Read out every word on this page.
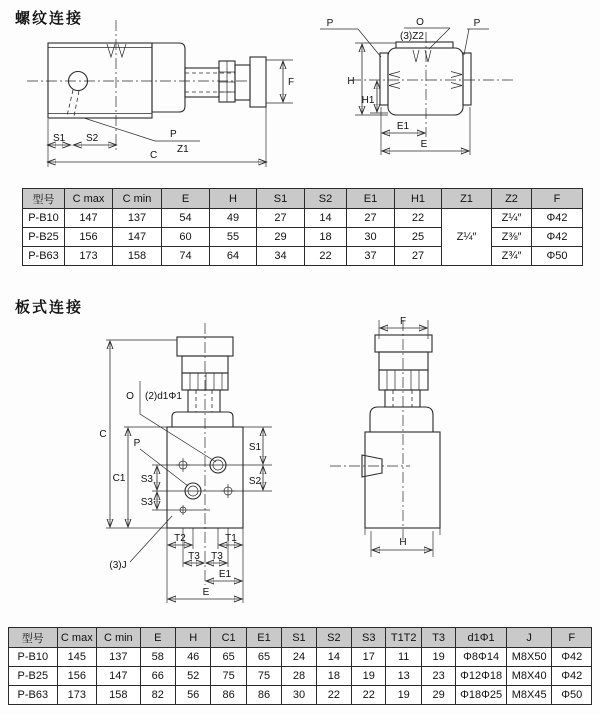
螺纹连接
F
S1 S2
C
P
Z1
P	O
(3)Z2
P
H
H1
E1
E
型号	C max	C min	E	H	S1	S2	E1	H1	Z1	Z2	F
P-B10	147	137	54	49	27	14	27	22	Z¼″	Z¼″	Φ42
P-B25	156	147	60	55	29	18	30	25		Z⅜″	Φ42
P-B63	173	158	74	64	34	22	37	27		Z¾″	Φ50
板式连接
C
C1
P
O (2)d1Φ1
S3
S3
(3)J
S1
S2
T2	T1
T3 T3
E1
E
F
H
型号	C max	C min	E	H	C1	E1	S1	S2	S3	T1T2	T3	d1Φ1	J	F
P-B10	145	137	58	46	65	65	24	14	17	11	19	Φ8Φ14	M8X50	Φ42
P-B25	156	147	66	52	75	75	28	18	19	13	23	Φ12Φ18	M8X40	Φ42
P-B63	173	158	82	56	86	86	30	22	22	19	29	Φ18Φ25	M8X45	Φ50
